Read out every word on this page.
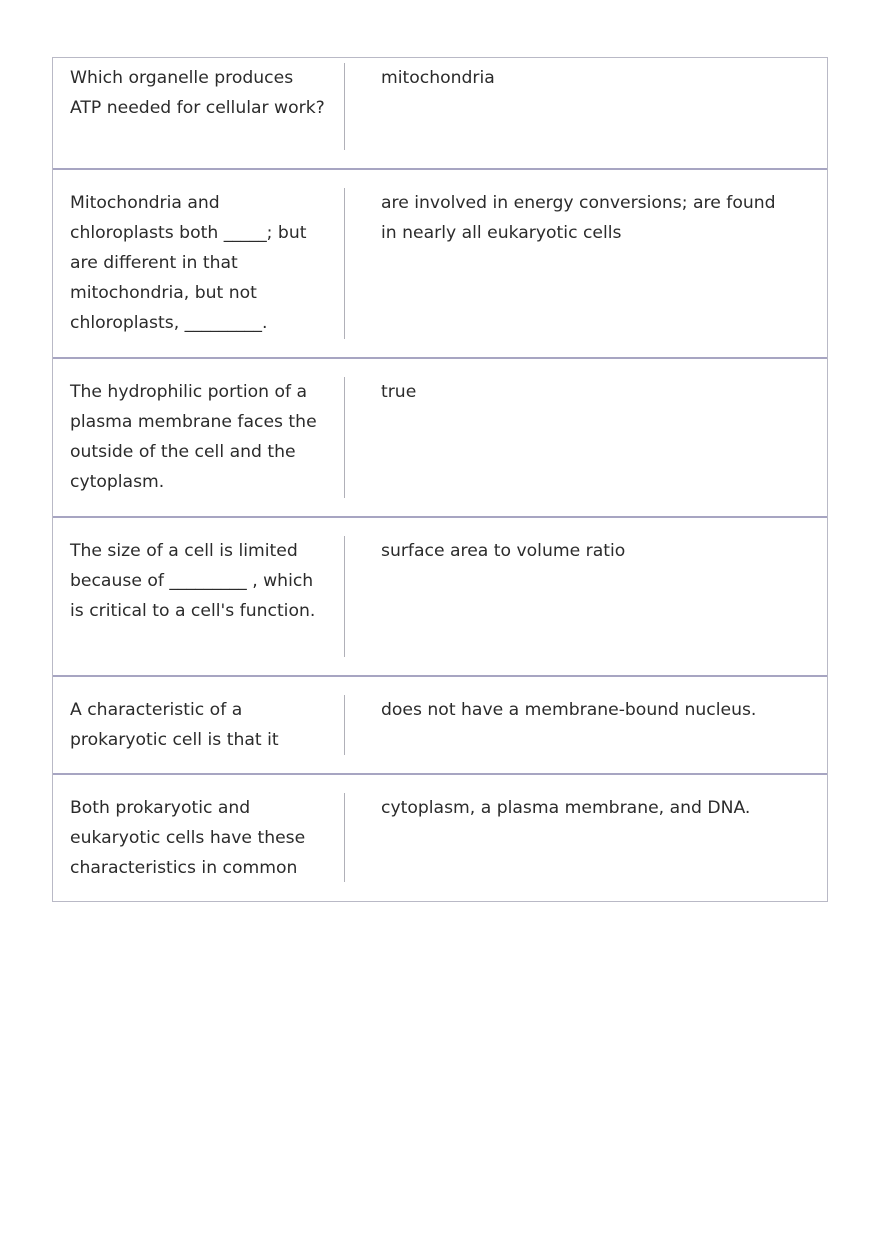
Which organelle produces ATP needed for cellular work?
mitochondria
Mitochondria and chloroplasts both _____; but are different in that mitochondria, but not chloroplasts, _________.
are involved in energy conversions; are found in nearly all eukaryotic cells
The hydrophilic portion of a plasma membrane faces the outside of the cell and the cytoplasm.
true
The size of a cell is limited because of _________ , which is critical to a cell's function.
surface area to volume ratio
A characteristic of a prokaryotic cell is that it
does not have a membrane-bound nucleus.
Both prokaryotic and eukaryotic cells have these characteristics in common
cytoplasm, a plasma membrane, and DNA.
